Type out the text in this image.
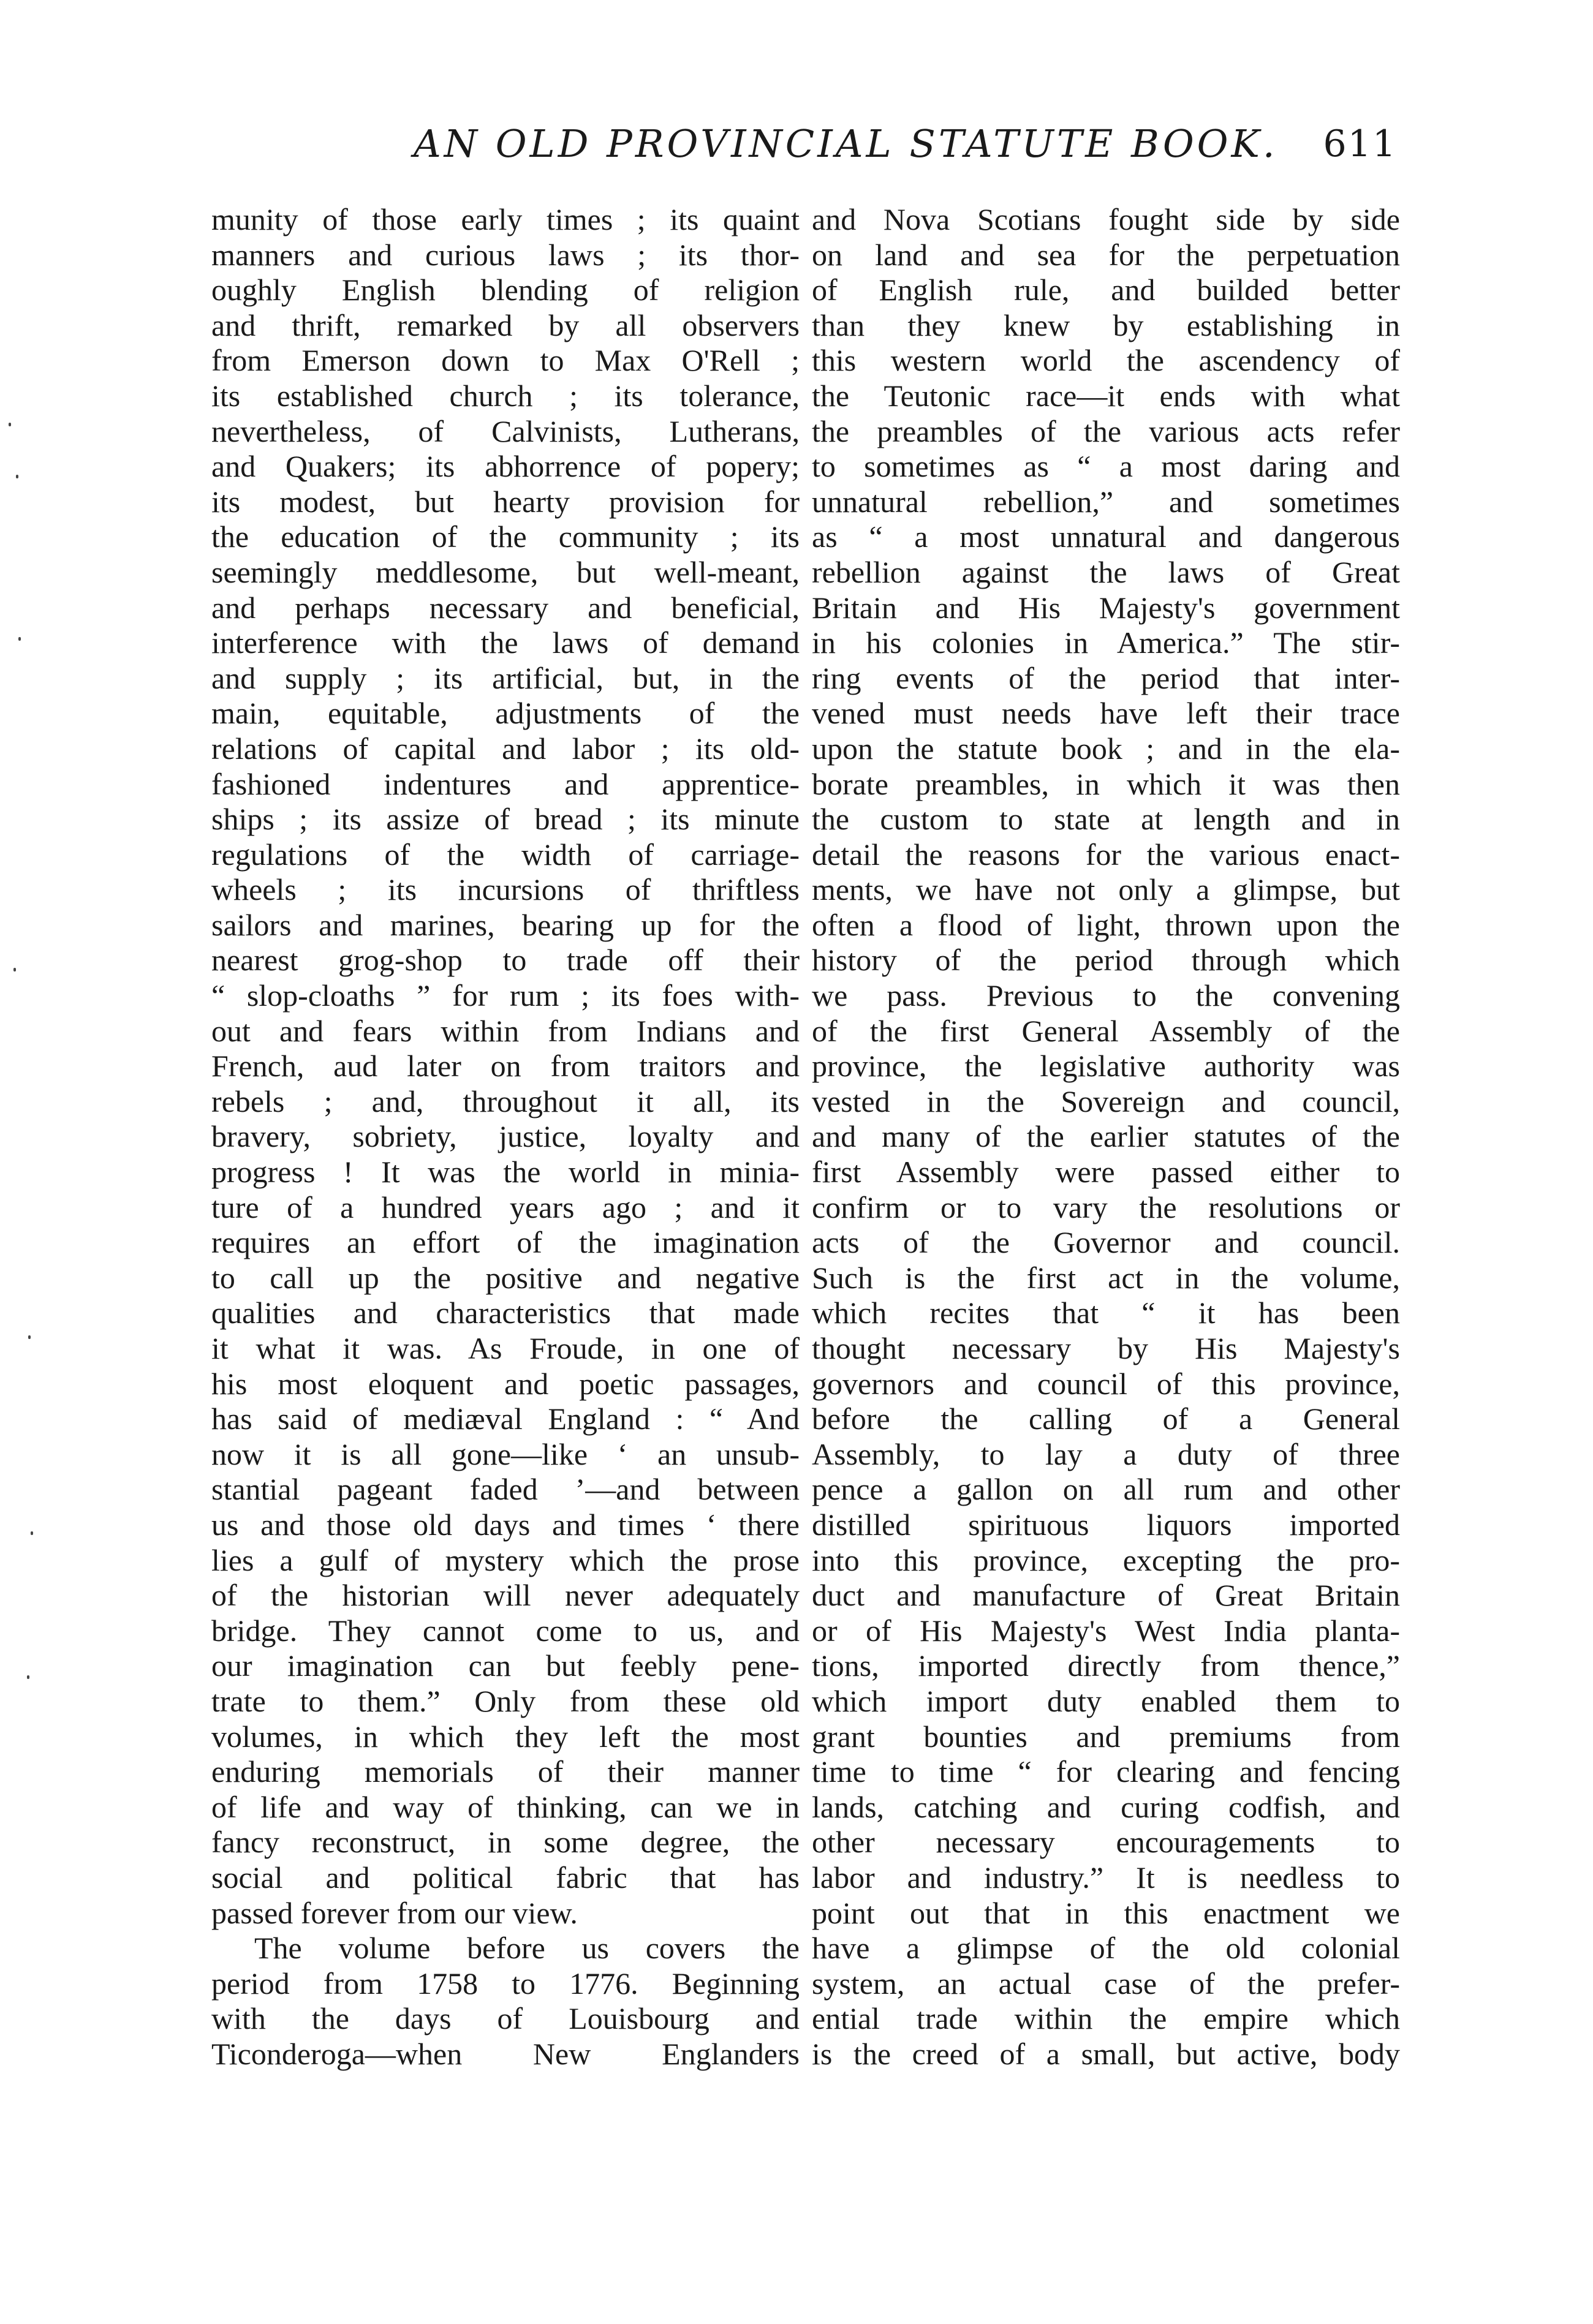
AN OLD PROVINCIAL STATUTE BOOK. 611
munity of those early times ; its quaint
manners and curious laws ; its thor-
oughly English blending of religion
and thrift, remarked by all observers
from Emerson down to Max O'Rell ;
its established church ; its tolerance,
nevertheless, of Calvinists, Lutherans,
and Quakers; its abhorrence of popery;
its modest, but hearty provision for
the education of the community ; its
seemingly meddlesome, but well-meant,
and perhaps necessary and beneficial,
interference with the laws of demand
and supply ; its artificial, but, in the
main, equitable, adjustments of the
relations of capital and labor ; its old-
fashioned indentures and apprentice-
ships ; its assize of bread ; its minute
regulations of the width of carriage-
wheels ; its incursions of thriftless
sailors and marines, bearing up for the
nearest grog-shop to trade off their
“ slop-cloaths ” for rum ; its foes with-
out and fears within from Indians and
French, aud later on from traitors and
rebels ; and, throughout it all, its
bravery, sobriety, justice, loyalty and
progress ! It was the world in minia-
ture of a hundred years ago ; and it
requires an effort of the imagination
to call up the positive and negative
qualities and characteristics that made
it what it was. As Froude, in one of
his most eloquent and poetic passages,
has said of mediæval England : “ And
now it is all gone—like ‘ an unsub-
stantial pageant faded ’—and between
us and those old days and times ‘ there
lies a gulf of mystery which the prose
of the historian will never adequately
bridge. They cannot come to us, and
our imagination can but feebly pene-
trate to them.” Only from these old
volumes, in which they left the most
enduring memorials of their manner
of life and way of thinking, can we in
fancy reconstruct, in some degree, the
social and political fabric that has
passed forever from our view.
The volume before us covers the
period from 1758 to 1776. Beginning
with the days of Louisbourg and
Ticonderoga—when New Englanders
and Nova Scotians fought side by side
on land and sea for the perpetuation
of English rule, and builded better
than they knew by establishing in
this western world the ascendency of
the Teutonic race—it ends with what
the preambles of the various acts refer
to sometimes as “ a most daring and
unnatural rebellion,” and sometimes
as “ a most unnatural and dangerous
rebellion against the laws of Great
Britain and His Majesty's government
in his colonies in America.” The stir-
ring events of the period that inter-
vened must needs have left their trace
upon the statute book ; and in the ela-
borate preambles, in which it was then
the custom to state at length and in
detail the reasons for the various enact-
ments, we have not only a glimpse, but
often a flood of light, thrown upon the
history of the period through which
we pass. Previous to the convening
of the first General Assembly of the
province, the legislative authority was
vested in the Sovereign and council,
and many of the earlier statutes of the
first Assembly were passed either to
confirm or to vary the resolutions or
acts of the Governor and council.
Such is the first act in the volume,
which recites that “ it has been
thought necessary by His Majesty's
governors and council of this province,
before the calling of a General
Assembly, to lay a duty of three
pence a gallon on all rum and other
distilled spirituous liquors imported
into this province, excepting the pro-
duct and manufacture of Great Britain
or of His Majesty's West India planta-
tions, imported directly from thence,”
which import duty enabled them to
grant bounties and premiums from
time to time “ for clearing and fencing
lands, catching and curing codfish, and
other necessary encouragements to
labor and industry.” It is needless to
point out that in this enactment we
have a glimpse of the old colonial
system, an actual case of the prefer-
ential trade within the empire which
is the creed of a small, but active, body
